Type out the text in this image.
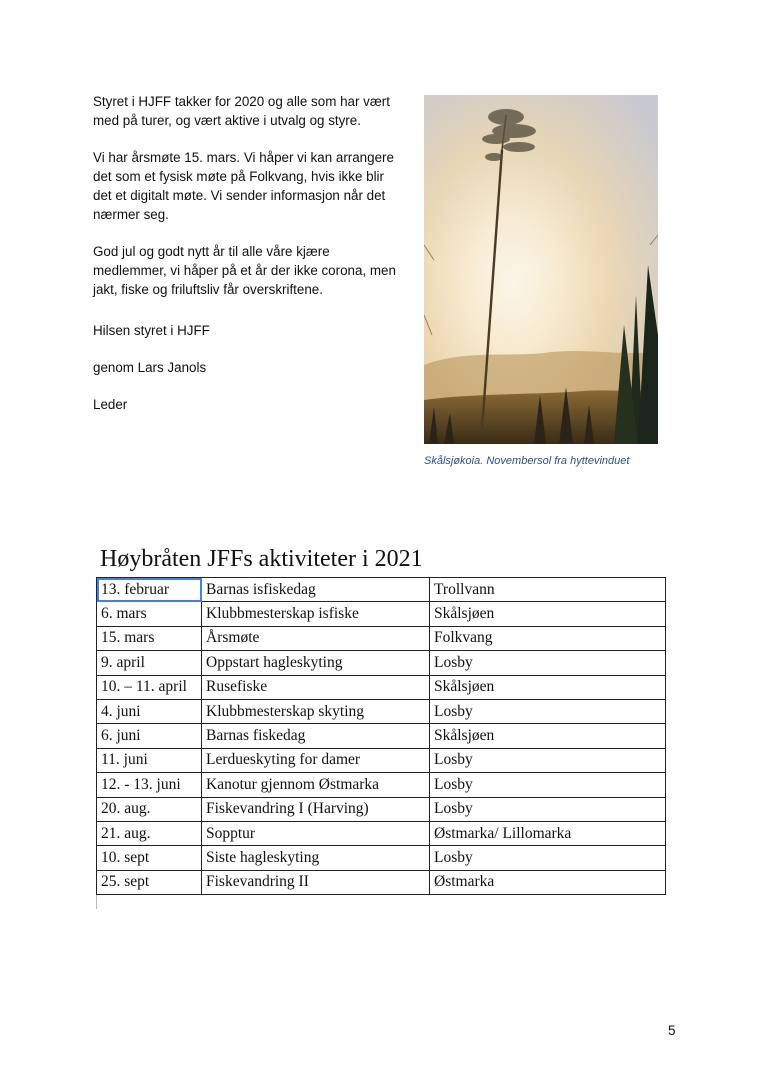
Styret i HJFF takker for 2020 og alle som har vært med på turer, og vært aktive i utvalg og styre.

Vi har årsmøte 15. mars. Vi håper vi kan arrangere det som et fysisk møte på Folkvang, hvis ikke blir det et digitalt møte. Vi sender informasjon når det nærmer seg.

God jul og godt nytt år til alle våre kjære medlemmer, vi håper på et år der ikke corona, men jakt, fiske og friluftsliv får overskriftene.

Hilsen styret i HJFF

genom Lars Janols

Leder

Skålsjøkoia. Novembersol fra hyttevinduet
Høybråten JFFs aktiviteter i 2021
13. februar	Barnas isfiskedag	Trollvann
6. mars	Klubbmesterskap isfiske	Skålsjøen
15. mars	Årsmøte	Folkvang
9. april	Oppstart hagleskyting	Losby
10. – 11. april	Rusefiske	Skålsjøen
4. juni	Klubbmesterskap skyting	Losby
6. juni	Barnas fiskedag	Skålsjøen
11. juni	Lerdueskyting for damer	Losby
12. - 13. juni	Kanotur gjennom Østmarka	Losby
20. aug.	Fiskevandring I (Harving)	Losby
21. aug.	Sopptur	Østmarka/ Lillomarka
10. sept	Siste hagleskyting	Losby
25. sept	Fiskevandring II	Østmarka
5
